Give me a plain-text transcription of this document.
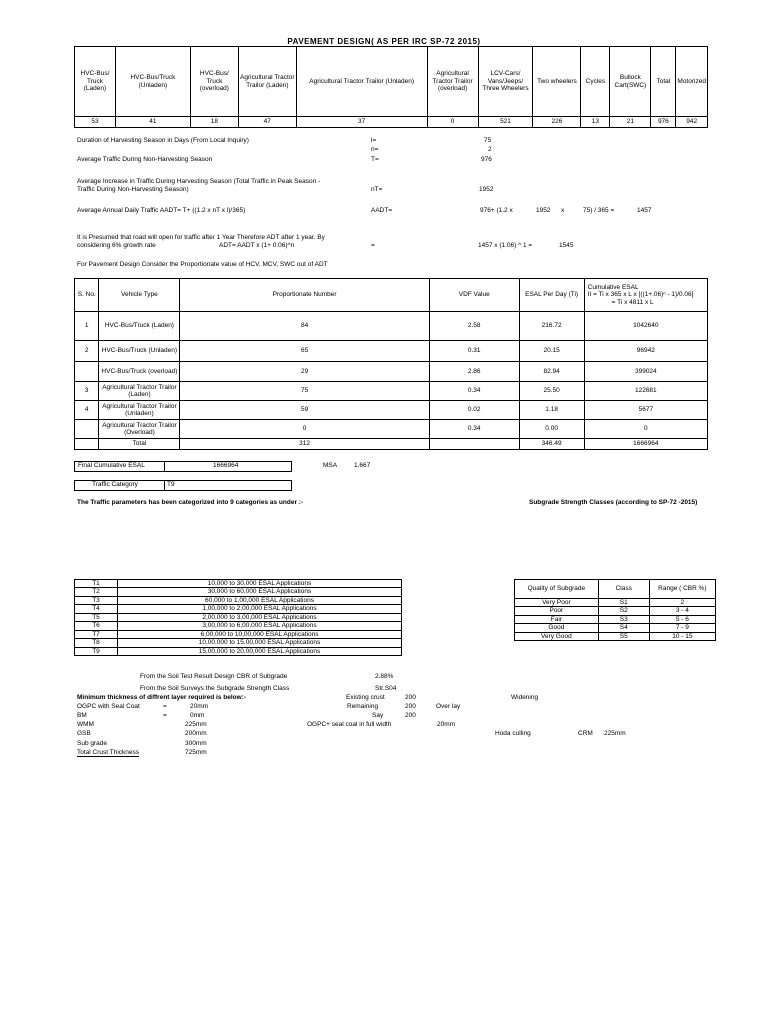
PAVEMENT DESIGN( AS PER IRC SP-72 2015)
HVC-Bus/ Truck (Laden)	HVC-Bus/Truck (Unladen)	HVC-Bus/ Truck (overload)	Agricultural Tractor Trailor (Laden)	Agricultural Tractor Trailor (Unladen)	Agricultural Tractor Trailor (overload)	LCV-Cars/ Vans/Jeeps/ Three Wheelers	Two wheelers	Cycles	Bullock Cart(SWC)	Total	Motorized
53	41	18	47	37	0	521	226	13	21	976	942
Duration of Harvesting Season in Days (From Local Inquiry)	l=	75
n=	2
Average Traffic During Non-Harvesting Season	T=	976
Average Increase in Traffic During Harvesting Season (Total Traffic in Peak Season -
Traffic During Non-Harvesting Season)	nT=	1952
Average Annual Daily Traffic AADT= T+ ((1.2 x nT x l)/365)	AADT=	976+ (1.2 x	1952 x	75) / 365 =	1457
It is Presumed that road will open for traffic after 1 Year Therefore ADT after 1 year. By
considering 6% growth rate	ADT= AADT x (1+ 0.06)^n	=	1457 x (1.06) ^ 1 =	1545
For Pavement Design Consider the Proportionate value of HCV, MCV, SWC out of ADT
S. No.	Vehicle Type	Proportionate Number	VDF Value	ESAL Per Day (Ti)	Cumulative ESAL
II = Ti x 365 x L x [((1+.06)ⁿ - 1)/0.06]
= Ti x 4811 x L

1	HVC-Bus/Truck (Laden)	84	2.58	216.72	1042640
2	HVC-Bus/Truck (Unladen)	65	0.31	20.15	96942
	HVC-Bus/Truck (overload)	29	2.86	82.94	399024
3	Agricultural Tractor Trailor (Laden)	75	0.34	25.50	122681
4	Agricultural Tractor Trailor (Unladen)	59	0.02	1.18	5677
	Agricultural Tractor Trailor (Overload)	0	0.34	0.00	0
	Total	312		346.49	1666964
Final Cumulative ESAL	1666964	MSA	1.667
Traffic Category	T9
The Traffic parameters has been categorized into 9 categories as under :-	Subgrade Strength Classes (according to SP-72 -2015)
T1	10,000 to 30,000 ESAL Applications
T2	30,000 to 60,000 ESAL Applications
T3	60,000 to 1,00,000 ESAL Applications
T4	1,00,000 to 2,00,000 ESAL Applications
T5	2,00,000 to 3,00,000 ESAL Applications
T6	3,00,000 to 6,00,000 ESAL Applications
T7	6,00,000 to 10,00,000 ESAL Applications
T8	10,00,000 to 15,00,000 ESAL Applications
T9	15,00,000 to 20,00,000 ESAL Applications
Quality of Subgrade	Class	Range ( CBR %)
Very Poor	S1	2
Poor	S2	3 - 4
Fair	S3	5 - 6
Good	S4	7 - 9
Very Good	S5	10 - 15
From the Soil Test Result Design CBR of Subgrade	2.88%
From the Soil Surveys the Subgrade Strength Class	Str.S04
Minimum thickness of diffrent layer required is below:-	Existing crust	200	Widening
Remaining	200	Over lay
Say	200
OGPC+ seal coal in full width	20mm
Hoda culling	CRM 225mm
OGPC with Seal Coat	=	20mm
BM	=	0mm
WMM	225mm
GSB	200mm
Sub grade	300mm
Total Crust Thickness	725mm
